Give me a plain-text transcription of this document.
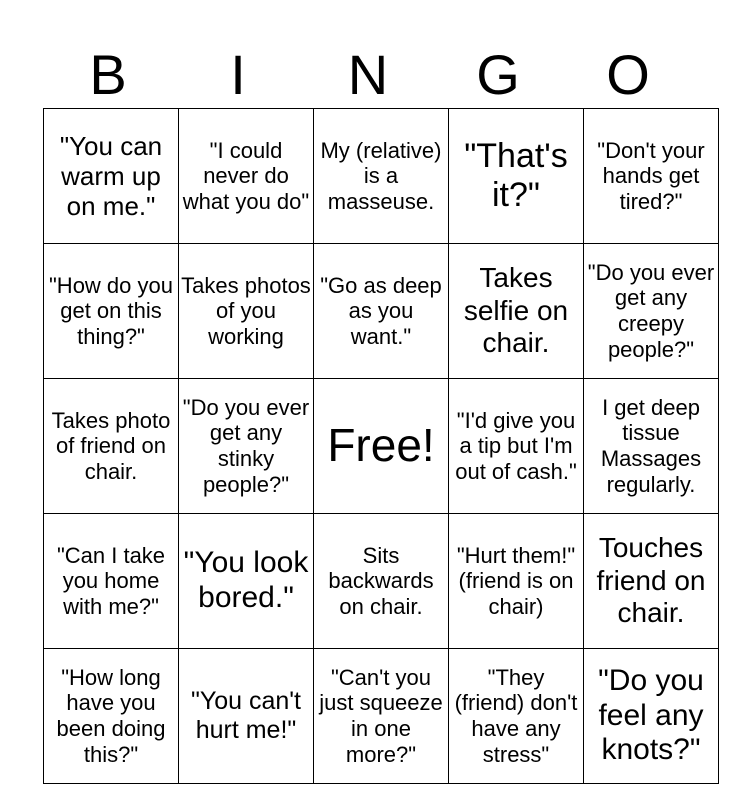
B	I	N	G	O
"You can warm up on me."	"I could never do what you do"	My (relative) is a masseuse.	"That's it?"	"Don't your hands get tired?"
"How do you get on this thing?"	Takes photos of you working	"Go as deep as you want."	Takes selfie on chair.	"Do you ever get any creepy people?"
Takes photo of friend on chair.	"Do you ever get any stinky people?"	Free!	"I'd give you a tip but I'm out of cash."	I get deep tissue Massages regularly.
"Can I take you home with me?"	"You look bored."	Sits backwards on chair.	"Hurt them!" (friend is on chair)	Touches friend on chair.
"How long have you been doing this?"	"You can't hurt me!"	"Can't you just squeeze in one more?"	"They (friend) don't have any stress"	"Do you feel any knots?"
